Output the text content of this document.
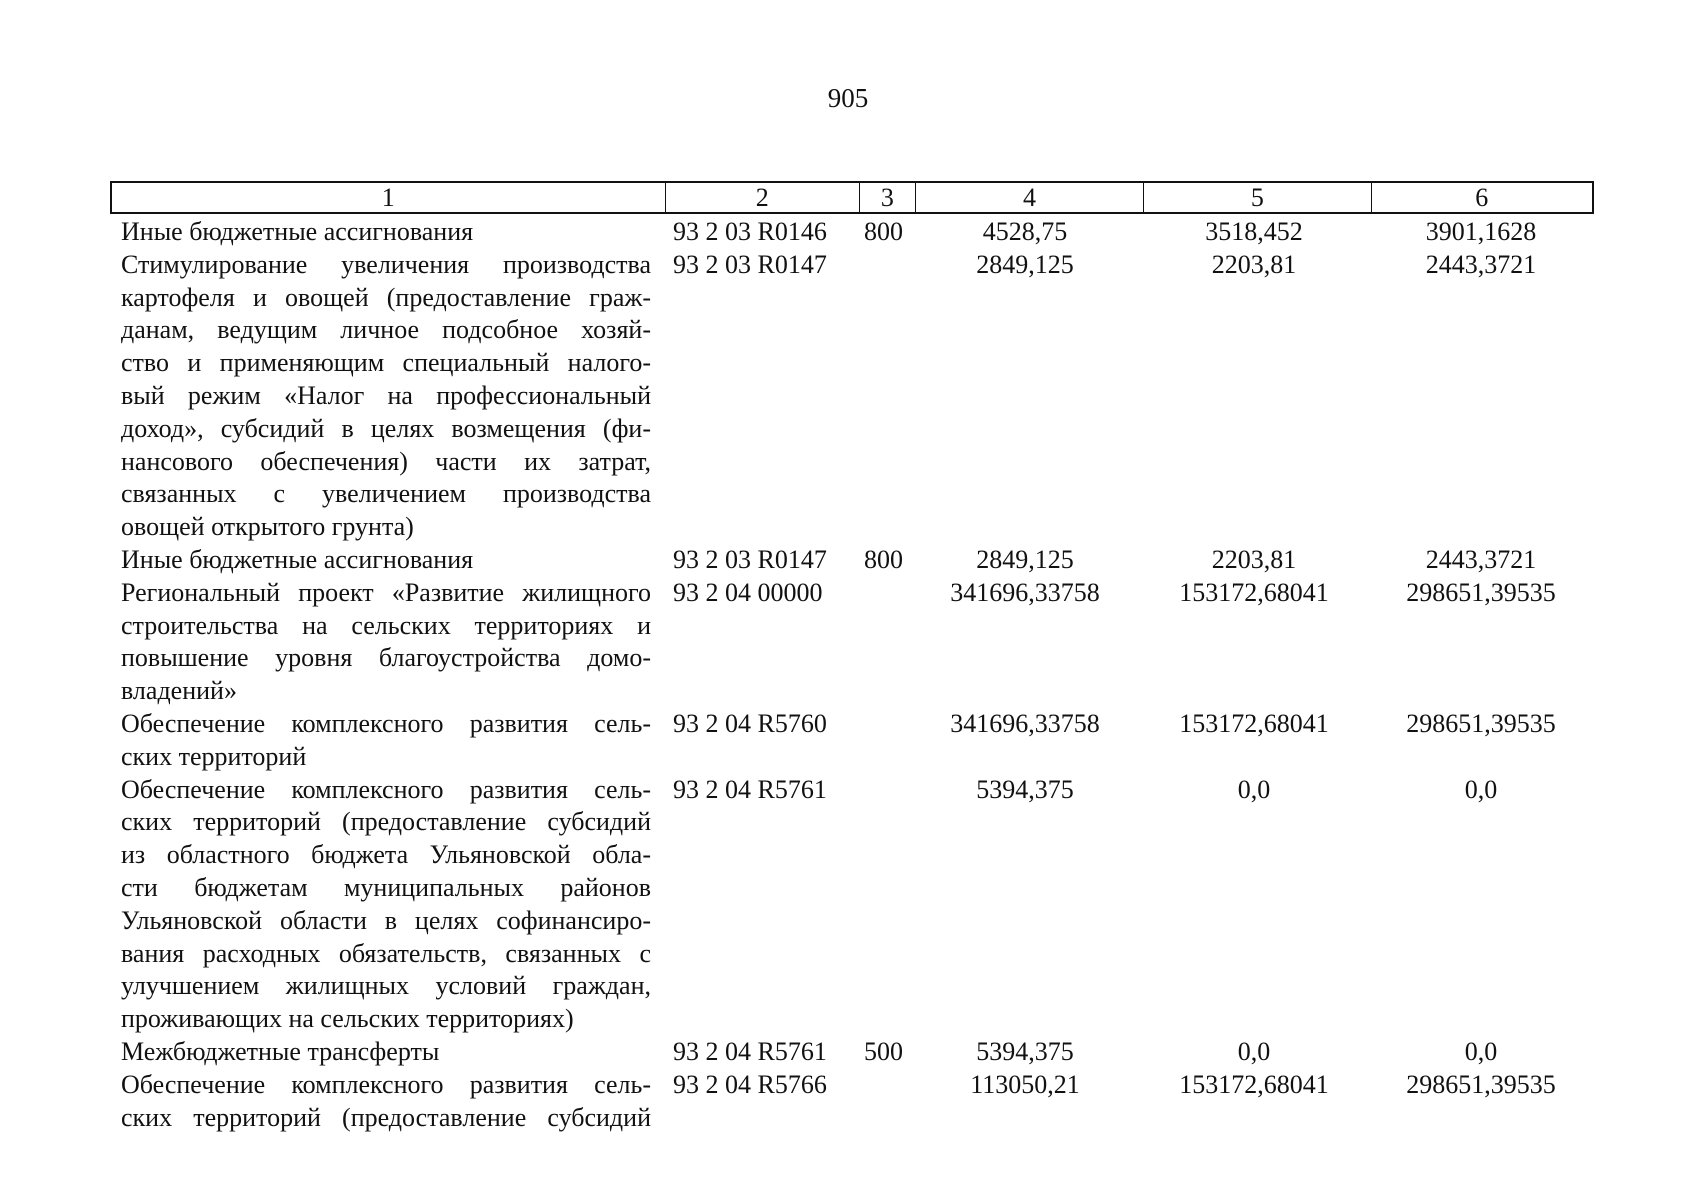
905
1	2	3	4	5	6
Иные бюджетные ассигнования	93 2 03 R0146 800	4528,75	3518,452	3901,1628
Стимулирование увеличения производства
картофеля и овощей (предоставление граж-
данам, ведущим личное подсобное хозяй-
ство и применяющим специальный налого-
вый режим «Налог на профессиональный
доход», субсидий в целях возмещения (фи-
нансового обеспечения) части их затрат,
связанных с увеличением производства
овощей открытого грунта)
93 2 03 R0147	2849,125	2203,81	2443,3721
Иные бюджетные ассигнования	93 2 03 R0147 800	2849,125	2203,81	2443,3721
Региональный проект «Развитие жилищного
строительства на сельских территориях и
повышение уровня благоустройства домо-
владений»
93 2 04 00000	341696,33758	153172,68041	298651,39535
Обеспечение комплексного развития сель-
ских территорий
93 2 04 R5760	341696,33758	153172,68041	298651,39535
Обеспечение комплексного развития сель-
ских территорий (предоставление субсидий
из областного бюджета Ульяновской обла-
сти бюджетам муниципальных районов
Ульяновской области в целях софинансиро-
вания расходных обязательств, связанных с
улучшением жилищных условий граждан,
проживающих на сельских территориях)
93 2 04 R5761	5394,375	0,0	0,0
Межбюджетные трансферты	93 2 04 R5761 500	5394,375	0,0	0,0
Обеспечение комплексного развития сель-
ских территорий (предоставление субсидий
93 2 04 R5766	113050,21	153172,68041	298651,39535
